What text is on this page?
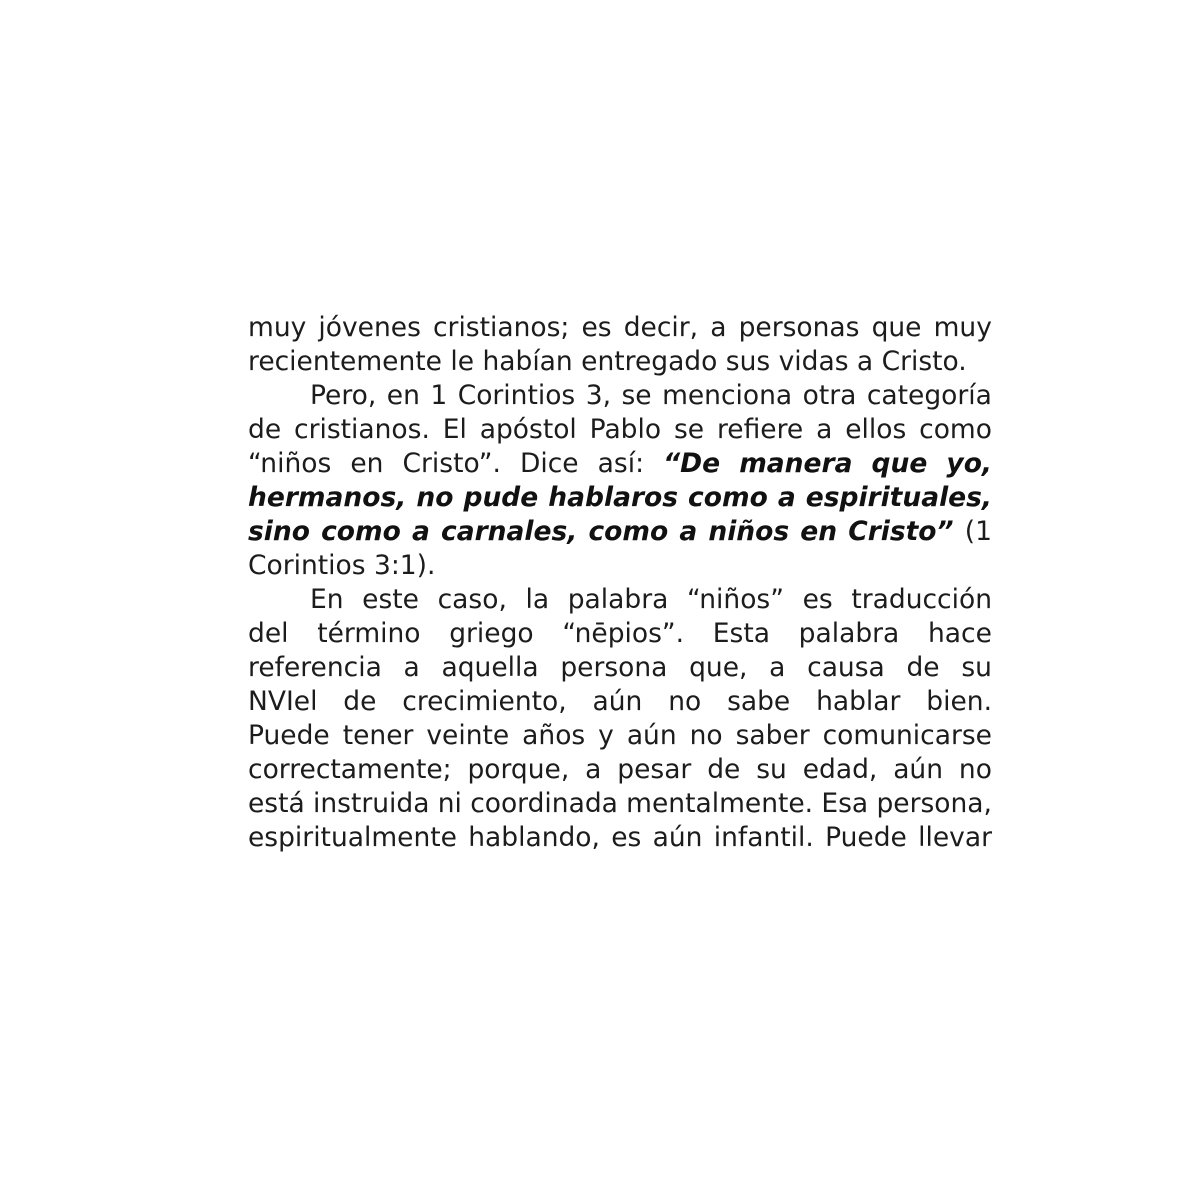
muy jóvenes cristianos; es decir, a personas que muy
recientemente le habían entregado sus vidas a Cristo.
Pero, en 1 Corintios 3, se menciona otra categoría
de cristianos. El apóstol Pablo se refiere a ellos como
“niños en Cristo”. Dice así: “De manera que yo,
hermanos, no pude hablaros como a espirituales,
sino como a carnales, como a niños en Cristo” (1
Corintios 3:1).
En este caso, la palabra “niños” es traducción
del término griego “nēpios”. Esta palabra hace
referencia a aquella persona que, a causa de su
NVIel de crecimiento, aún no sabe hablar bien.
Puede tener veinte años y aún no saber comunicarse
correctamente; porque, a pesar de su edad, aún no
está instruida ni coordinada mentalmente. Esa persona,
espiritualmente hablando, es aún infantil. Puede llevar
